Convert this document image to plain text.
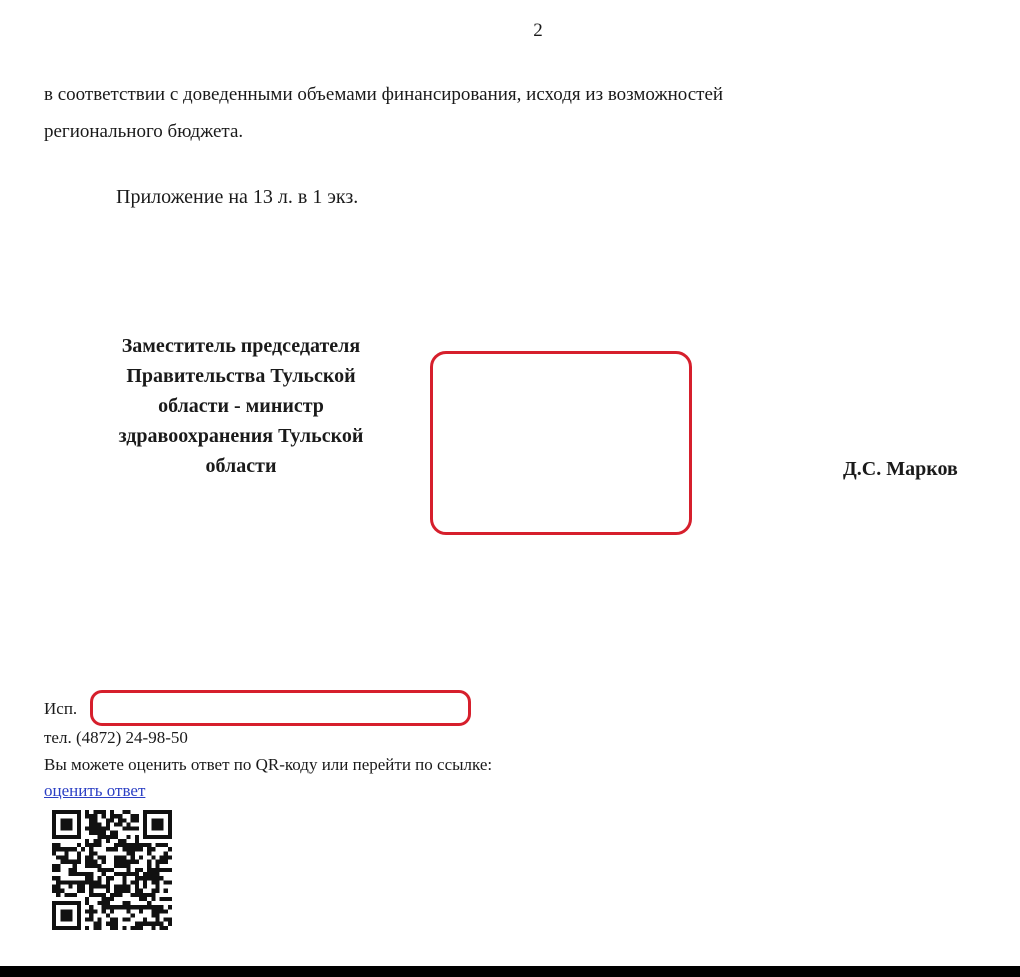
2
в соответствии с доведенными объемами финансирования, исходя из возможностей
регионального бюджета.
Приложение на 13 л. в 1 экз.
Заместитель председателя
Правительства Тульской
области - министр
здравоохранения Тульской
области	Д.С. Марков
Исп.
тел. (4872) 24-98-50
Вы можете оценить ответ по QR-коду или перейти по ссылке:
оценить ответ
